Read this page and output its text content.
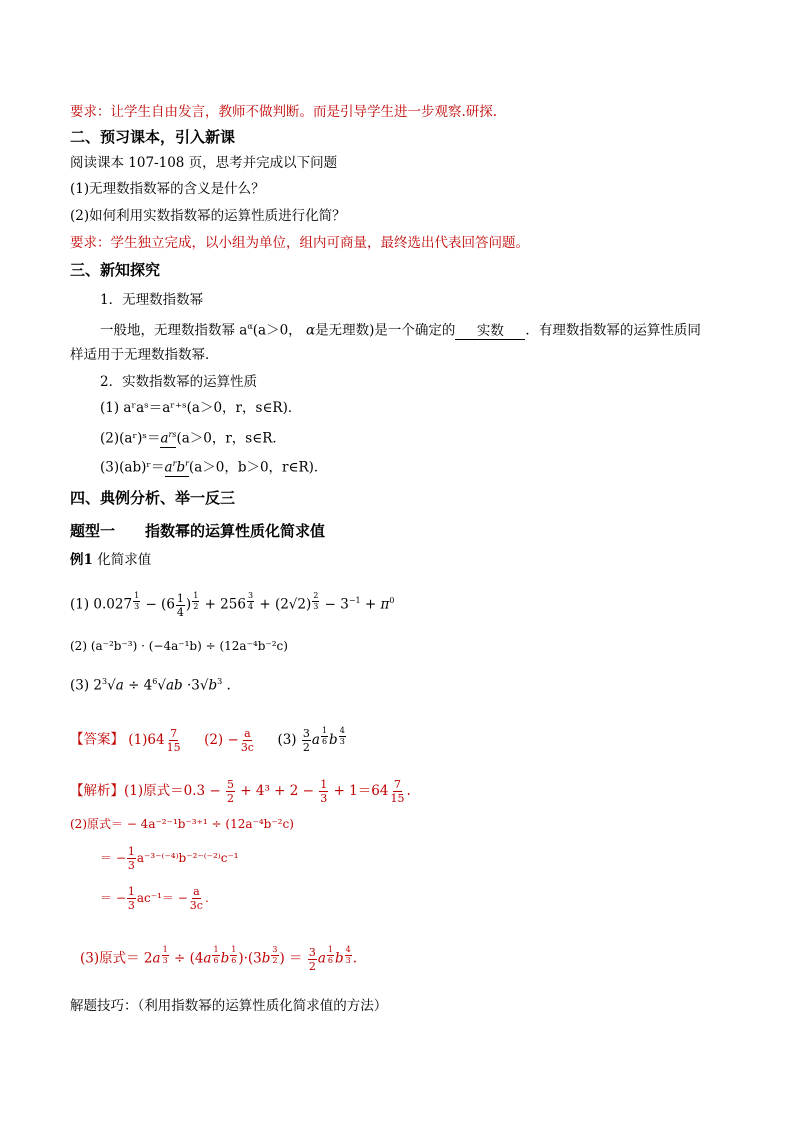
要求：让学生自由发言，教师不做判断。而是引导学生进一步观察.研探.
二、预习课本，引入新课
阅读课本 107-108 页，思考并完成以下问题
(1)无理数指数幂的含义是什么？
(2)如何利用实数指数幂的运算性质进行化简？
要求：学生独立完成，以小组为单位，组内可商量，最终选出代表回答问题。
三、新知探究
1．无理数指数幂
一般地，无理数指数幂 $a^\alpha(a>0$， α是无理数)是一个确定的 实数 ．有理数指数幂的运算性质同
样适用于无理数指数幂．
2．实数指数幂的运算性质
(1) aʳaˢ＝aʳ⁺ˢ(a＞0，r，s∈R)．
$(2)(aʳ)ˢ=a^{rs}(a>0$，r，s∈R．
$(3)(ab)ʳ=a^rb^r(a>0$，b＞0，r∈R)．
四、典例分析、举一反三
题型一　　指数幂的运算性质化简求值
例1 化简求值
(1) 0.027 $^{\frac{1}{3}} - (6 \frac{1}{4}$ ) $^{\frac{1}{2}}$ + 256 $^{\frac{3}{4}}$ + (2√2) $^{\frac{2}{3}} - 3^{-1} + \pi^0$
(2) (a⁻²b⁻³) · (−4a⁻¹b) ÷ (12a⁻⁴b⁻²c)
(3) $2^3√a \div 4^6√ab \cdot 3√b^3$ .
【答案】 $(1)64 \frac{7}{15} (2) - \frac{a}{3c} (3) \frac{3}{2}$ a $^{\frac{1}{6}}$ b $^{\frac{4}{3}}$
【解析】(1)原式$=0.3 - \frac{5}{2} + 4^3 + 2 - \frac{1}{3} + 1=64 \frac{7}{15}$ .
(2)原式＝ − 4a⁻²⁻¹b⁻³⁺¹ ÷ (12a⁻⁴b⁻²c)
＝ − $\frac{1}{3} a^{-3-(-4)}b^{-2-(-2)}c^{-1}$
＝ − $\frac{1}{3} ac^{-1}= - \frac{a}{3c}$ .
(3)原式＝ 2a $^{\frac{1}{3}}$ ÷ (4a $^{\frac{1}{6}}$ b $^{\frac{1}{6}}$ )·(3b $^{\frac{3}{2}}$ ) ＝ $\frac{3}{2}$ a $^{\frac{1}{6}}$ b $^{\frac{4}{3}}$ .
解题技巧：（利用指数幂的运算性质化简求值的方法）
